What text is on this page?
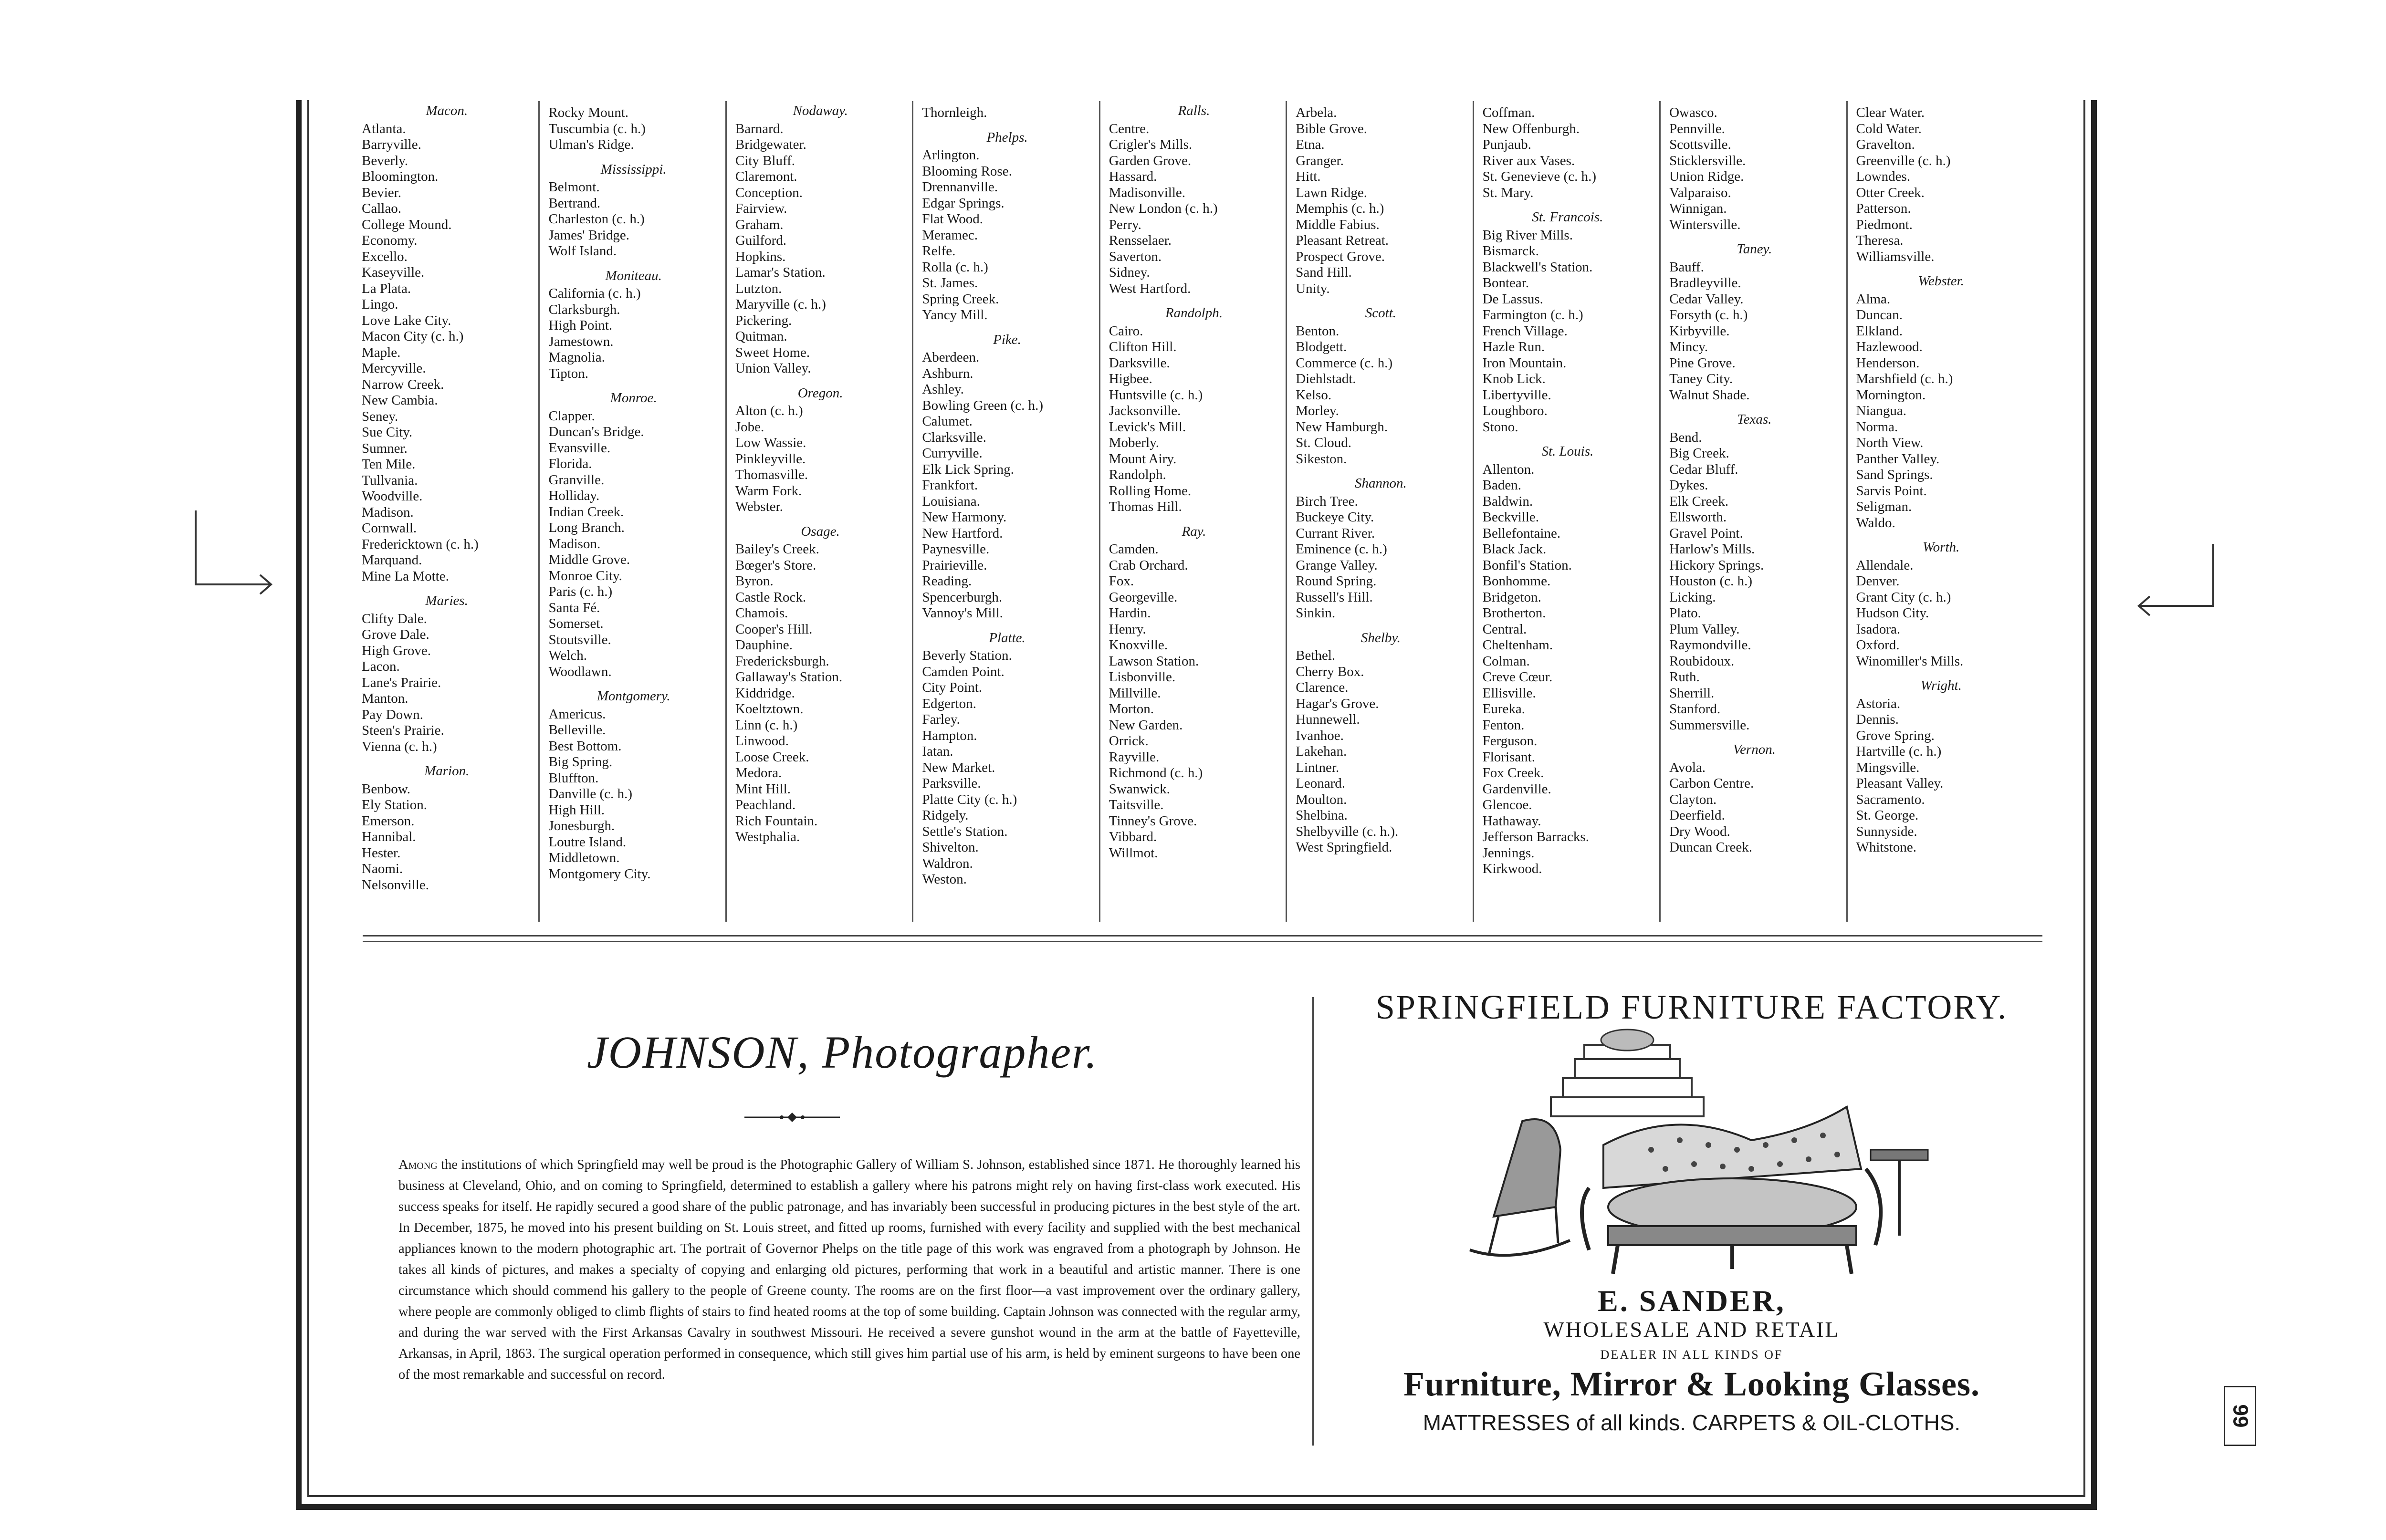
Macon.
Atlanta.
Barryville.
Beverly.
Bloomington.
Bevier.
Callao.
College Mound.
Economy.
Excello.
Kaseyville.
La Plata.
Lingo.
Love Lake City.
Macon City (c. h.)
Maple.
Mercyville.
Narrow Creek.
New Cambia.
Seney.
Sue City.
Sumner.
Ten Mile.
Tullvania.
Woodville.
Madison.
Cornwall.
Fredericktown (c. h.)
Marquand.
Mine La Motte.
Maries.
Clifty Dale.
Grove Dale.
High Grove.
Lacon.
Lane's Prairie.
Manton.
Pay Down.
Steen's Prairie.
Vienna (c. h.)
Marion.
Benbow.
Ely Station.
Emerson.
Hannibal.
Hester.
Naomi.
Nelsonville.
Rocky Mount.
Tuscumbia (c. h.)
Ulman's Ridge.
Mississippi.
Belmont.
Bertrand.
Charleston (c. h.)
James' Bridge.
Wolf Island.
Moniteau.
California (c. h.)
Clarksburgh.
High Point.
Jamestown.
Magnolia.
Tipton.
Monroe.
Clapper.
Duncan's Bridge.
Evansville.
Florida.
Granville.
Holliday.
Indian Creek.
Long Branch.
Madison.
Middle Grove.
Monroe City.
Paris (c. h.)
Santa Fé.
Somerset.
Stoutsville.
Welch.
Woodlawn.
Montgomery.
Americus.
Belleville.
Best Bottom.
Big Spring.
Bluffton.
Danville (c. h.)
High Hill.
Jonesburgh.
Loutre Island.
Middletown.
Montgomery City.
Nodaway.
Barnard.
Bridgewater.
City Bluff.
Claremont.
Conception.
Fairview.
Graham.
Guilford.
Hopkins.
Lamar's Station.
Lutzton.
Maryville (c. h.)
Pickering.
Quitman.
Sweet Home.
Union Valley.
Oregon.
Alton (c. h.)
Jobe.
Low Wassie.
Pinkleyville.
Thomasville.
Warm Fork.
Webster.
Osage.
Bailey's Creek.
Bœger's Store.
Byron.
Castle Rock.
Chamois.
Cooper's Hill.
Dauphine.
Fredericksburgh.
Gallaway's Station.
Kiddridge.
Koeltztown.
Linn (c. h.)
Linwood.
Loose Creek.
Medora.
Mint Hill.
Peachland.
Rich Fountain.
Westphalia.
Thornleigh.
Phelps.
Arlington.
Blooming Rose.
Drennanville.
Edgar Springs.
Flat Wood.
Meramec.
Relfe.
Rolla (c. h.)
St. James.
Spring Creek.
Yancy Mill.
Pike.
Aberdeen.
Ashburn.
Ashley.
Bowling Green (c. h.)
Calumet.
Clarksville.
Curryville.
Elk Lick Spring.
Frankfort.
Louisiana.
New Harmony.
New Hartford.
Paynesville.
Prairieville.
Reading.
Spencerburgh.
Vannoy's Mill.
Platte.
Beverly Station.
Camden Point.
City Point.
Edgerton.
Farley.
Hampton.
Iatan.
New Market.
Parksville.
Platte City (c. h.)
Ridgely.
Settle's Station.
Shivelton.
Waldron.
Weston.
Ralls.
Centre.
Crigler's Mills.
Garden Grove.
Hassard.
Madisonville.
New London (c. h.)
Perry.
Rensselaer.
Saverton.
Sidney.
West Hartford.
Randolph.
Cairo.
Clifton Hill.
Darksville.
Higbee.
Huntsville (c. h.)
Jacksonville.
Levick's Mill.
Moberly.
Mount Airy.
Randolph.
Rolling Home.
Thomas Hill.
Ray.
Camden.
Crab Orchard.
Fox.
Georgeville.
Hardin.
Henry.
Knoxville.
Lawson Station.
Lisbonville.
Millville.
Morton.
New Garden.
Orrick.
Rayville.
Richmond (c. h.)
Swanwick.
Taitsville.
Tinney's Grove.
Vibbard.
Willmot.
Arbela.
Bible Grove.
Etna.
Granger.
Hitt.
Lawn Ridge.
Memphis (c. h.)
Middle Fabius.
Pleasant Retreat.
Prospect Grove.
Sand Hill.
Unity.
Scott.
Benton.
Blodgett.
Commerce (c. h.)
Diehlstadt.
Kelso.
Morley.
New Hamburgh.
St. Cloud.
Sikeston.
Shannon.
Birch Tree.
Buckeye City.
Currant River.
Eminence (c. h.)
Grange Valley.
Round Spring.
Russell's Hill.
Sinkin.
Shelby.
Bethel.
Cherry Box.
Clarence.
Hagar's Grove.
Hunnewell.
Ivanhoe.
Lakehan.
Lintner.
Leonard.
Moulton.
Shelbina.
Shelbyville (c. h.).
West Springfield.
Coffman.
New Offenburgh.
Punjaub.
River aux Vases.
St. Genevieve (c. h.)
St. Mary.
St. Francois.
Big River Mills.
Bismarck.
Blackwell's Station.
Bontear.
De Lassus.
Farmington (c. h.)
French Village.
Hazle Run.
Iron Mountain.
Knob Lick.
Libertyville.
Loughboro.
Stono.
St. Louis.
Allenton.
Baden.
Baldwin.
Beckville.
Bellefontaine.
Black Jack.
Bonfil's Station.
Bonhomme.
Bridgeton.
Brotherton.
Central.
Cheltenham.
Colman.
Creve Cœur.
Ellisville.
Eureka.
Fenton.
Ferguson.
Florisant.
Fox Creek.
Gardenville.
Glencoe.
Hathaway.
Jefferson Barracks.
Jennings.
Kirkwood.
Owasco.
Pennville.
Scottsville.
Sticklersville.
Union Ridge.
Valparaiso.
Winnigan.
Wintersville.
Taney.
Bauff.
Bradleyville.
Cedar Valley.
Forsyth (c. h.)
Kirbyville.
Mincy.
Pine Grove.
Taney City.
Walnut Shade.
Texas.
Bend.
Big Creek.
Cedar Bluff.
Dykes.
Elk Creek.
Ellsworth.
Gravel Point.
Harlow's Mills.
Hickory Springs.
Houston (c. h.)
Licking.
Plato.
Plum Valley.
Raymondville.
Roubidoux.
Ruth.
Sherrill.
Stanford.
Summersville.
Vernon.
Avola.
Carbon Centre.
Clayton.
Deerfield.
Dry Wood.
Duncan Creek.
Clear Water.
Cold Water.
Gravelton.
Greenville (c. h.)
Lowndes.
Otter Creek.
Patterson.
Piedmont.
Theresa.
Williamsville.
Webster.
Alma.
Duncan.
Elkland.
Hazlewood.
Henderson.
Marshfield (c. h.)
Mornington.
Niangua.
Norma.
North View.
Panther Valley.
Sand Springs.
Sarvis Point.
Seligman.
Waldo.
Worth.
Allendale.
Denver.
Grant City (c. h.)
Hudson City.
Isadora.
Oxford.
Winomiller's Mills.
Wright.
Astoria.
Dennis.
Grove Spring.
Hartville (c. h.)
Mingsville.
Pleasant Valley.
Sacramento.
St. George.
Sunnyside.
Whitstone.
JOHNSON, Photographer.
Among the institutions of which Springfield may well be proud is the Photographic Gallery of William S. Johnson, established since 1871. He thoroughly learned his business at Cleveland, Ohio, and on coming to Springfield, determined to establish a gallery where his patrons might rely on having first-class work executed. His success speaks for itself. He rapidly secured a good share of the public patronage, and has invariably been successful in producing pictures in the best style of the art. In December, 1875, he moved into his present building on St. Louis street, and fitted up rooms, furnished with every facility and supplied with the best mechanical appliances known to the modern photographic art. The portrait of Governor Phelps on the title page of this work was engraved from a photograph by Johnson. He takes all kinds of pictures, and makes a specialty of copying and enlarging old pictures, performing that work in a beautiful and artistic manner. There is one circumstance which should commend his gallery to the people of Greene county. The rooms are on the first floor—a vast improvement over the ordinary gallery, where people are commonly obliged to climb flights of stairs to find heated rooms at the top of some building. Captain Johnson was connected with the regular army, and during the war served with the First Arkansas Cavalry in southwest Missouri. He received a severe gunshot wound in the arm at the battle of Fayetteville, Arkansas, in April, 1863. The surgical operation performed in consequence, which still gives him partial use of his arm, is held by eminent surgeons to have been one of the most remarkable and successful on record.
SPRINGFIELD FURNITURE FACTORY.
E. SANDER,
WHOLESALE AND RETAIL
DEALER IN ALL KINDS OF
Furniture, Mirror & Looking Glasses.
MATTRESSES of all kinds. CARPETS & OIL-CLOTHS.	99
